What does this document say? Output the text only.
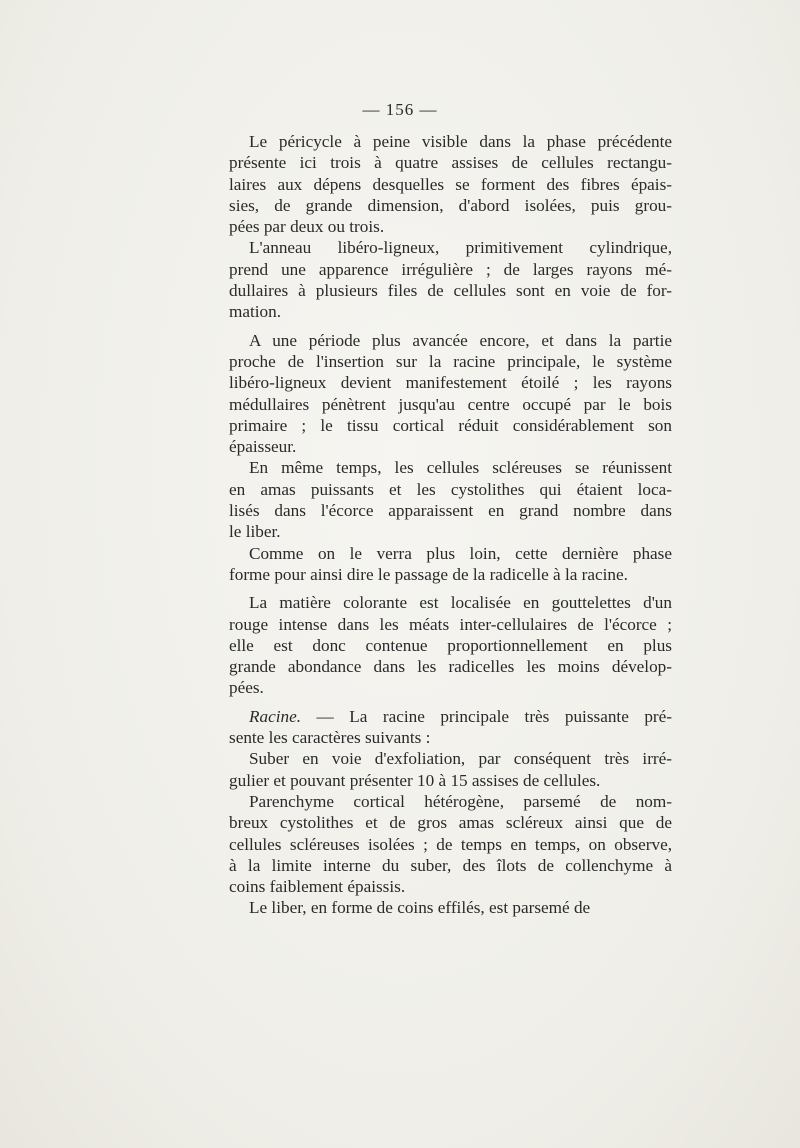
— 156 —
Le péricycle à peine visible dans la phase précédente
présente ici trois à quatre assises de cellules rectangu-
laires aux dépens desquelles se forment des fibres épais-
sies, de grande dimension, d'abord isolées, puis grou-
pées par deux ou trois.
L'anneau libéro-ligneux, primitivement cylindrique,
prend une apparence irrégulière ; de larges rayons mé-
dullaires à plusieurs files de cellules sont en voie de for-
mation.
A une période plus avancée encore, et dans la partie
proche de l'insertion sur la racine principale, le système
libéro-ligneux devient manifestement étoilé ; les rayons
médullaires pénètrent jusqu'au centre occupé par le bois
primaire ; le tissu cortical réduit considérablement son
épaisseur.
En même temps, les cellules scléreuses se réunissent
en amas puissants et les cystolithes qui étaient loca-
lisés dans l'écorce apparaissent en grand nombre dans
le liber.
Comme on le verra plus loin, cette dernière phase
forme pour ainsi dire le passage de la radicelle à la racine.
La matière colorante est localisée en gouttelettes d'un
rouge intense dans les méats inter-cellulaires de l'écorce ;
elle est donc contenue proportionnellement en plus
grande abondance dans les radicelles les moins dévelop-
pées.
Racine. — La racine principale très puissante pré-
sente les caractères suivants :
Suber en voie d'exfoliation, par conséquent très irré-
gulier et pouvant présenter 10 à 15 assises de cellules.
Parenchyme cortical hétérogène, parsemé de nom-
breux cystolithes et de gros amas scléreux ainsi que de
cellules scléreuses isolées ; de temps en temps, on observe,
à la limite interne du suber, des îlots de collenchyme à
coins faiblement épaissis.
Le liber, en forme de coins effilés, est parsemé de
